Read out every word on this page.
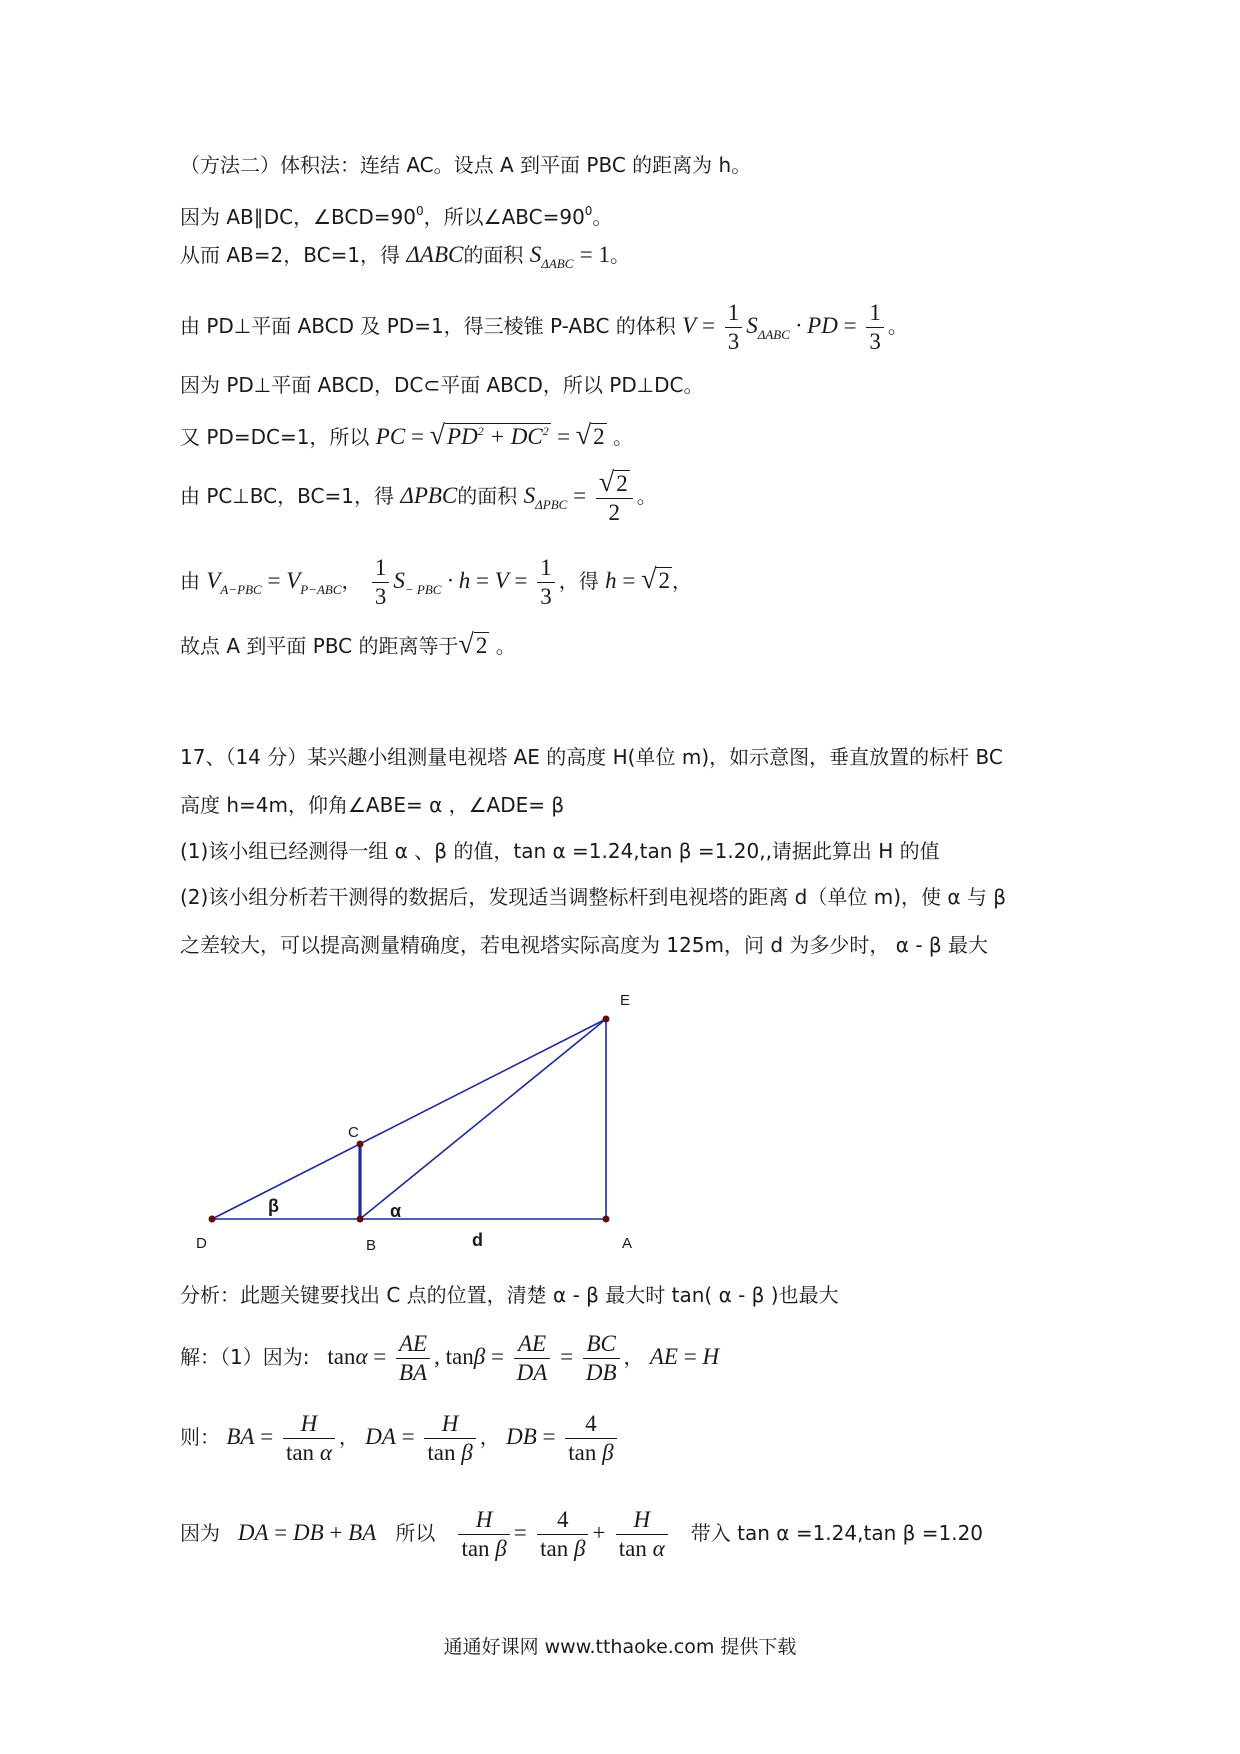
（方法二）体积法：连结 AC。设点 A 到平面 PBC 的距离为 h。
因为 AB∥DC，$\angle BCD=90^0$，所以$\angle ABC=90^0$。
从而 AB=2，BC=1，得 ΔABC的面积 $S_{\Delta ABC} = 1$。
由 PD⊥平面 ABCD 及 PD=1，得三棱锥 P-ABC 的体积 $V = \frac{1}{3} S_{\Delta ABC}$ · PD = $\frac{1}{3}$ 。
因为 PD⊥平面 ABCD，DC⊂平面 ABCD，所以 PD⊥DC。
又 PD=DC=1，所以 PC = $√PD^2 + DC^2 = √2$ 。
由 PC⊥BC，BC=1，得 ΔPBC的面积 $S_{\Delta PBC} = \frac{√2}{2}$ 。
由 $V_{A-PBC} = V_{P-ABC}$， $\frac{1}{3} S_{- PBC} \cdot h = V = \frac{1}{3}$ ，得 h = √2 ，
故点 A 到平面 PBC 的距离等于√2 。
17、（14 分）某兴趣小组测量电视塔 AE 的高度 H(单位 m)，如示意图，垂直放置的标杆 BC
高度 h=4m，仰角∠ABE= α ，∠ADE= β
(1)该小组已经测得一组 α 、β 的值，tan α =1.24,tan β =1.20,,请据此算出 H 的值
(2)该小组分析若干测得的数据后，发现适当调整标杆到电视塔的距离 d（单位 m)，使 α 与 β
之差较大，可以提高测量精确度，若电视塔实际高度为 125m，问 d 为多少时， α - β 最大
E
C
D	B	A
β	α
d
分析：此题关键要找出 C 点的位置，清楚 α - β 最大时 tan( α - β )也最大
解：（1）因为:   $\tan\alpha = \frac{AE}{BA}$ , $\tan\beta = \frac{AE}{DA} = \frac{BC}{DB}$ ， AE = H
则： BA = $\frac{H}{\text{tan α}}$ ， DA = $\frac{H}{\text{tan β}}$ ， DB = $\frac{4}{\text{tan β}}$
因为   DA = DB + BA 所以 $\frac{H}{\text{tan β}} = \frac{4}{\text{tan β}} + \frac{H}{\text{tan α}}$ 带入 tan α =1.24,tan β =1.20
通通好课网 www.tthaoke.com 提供下载
